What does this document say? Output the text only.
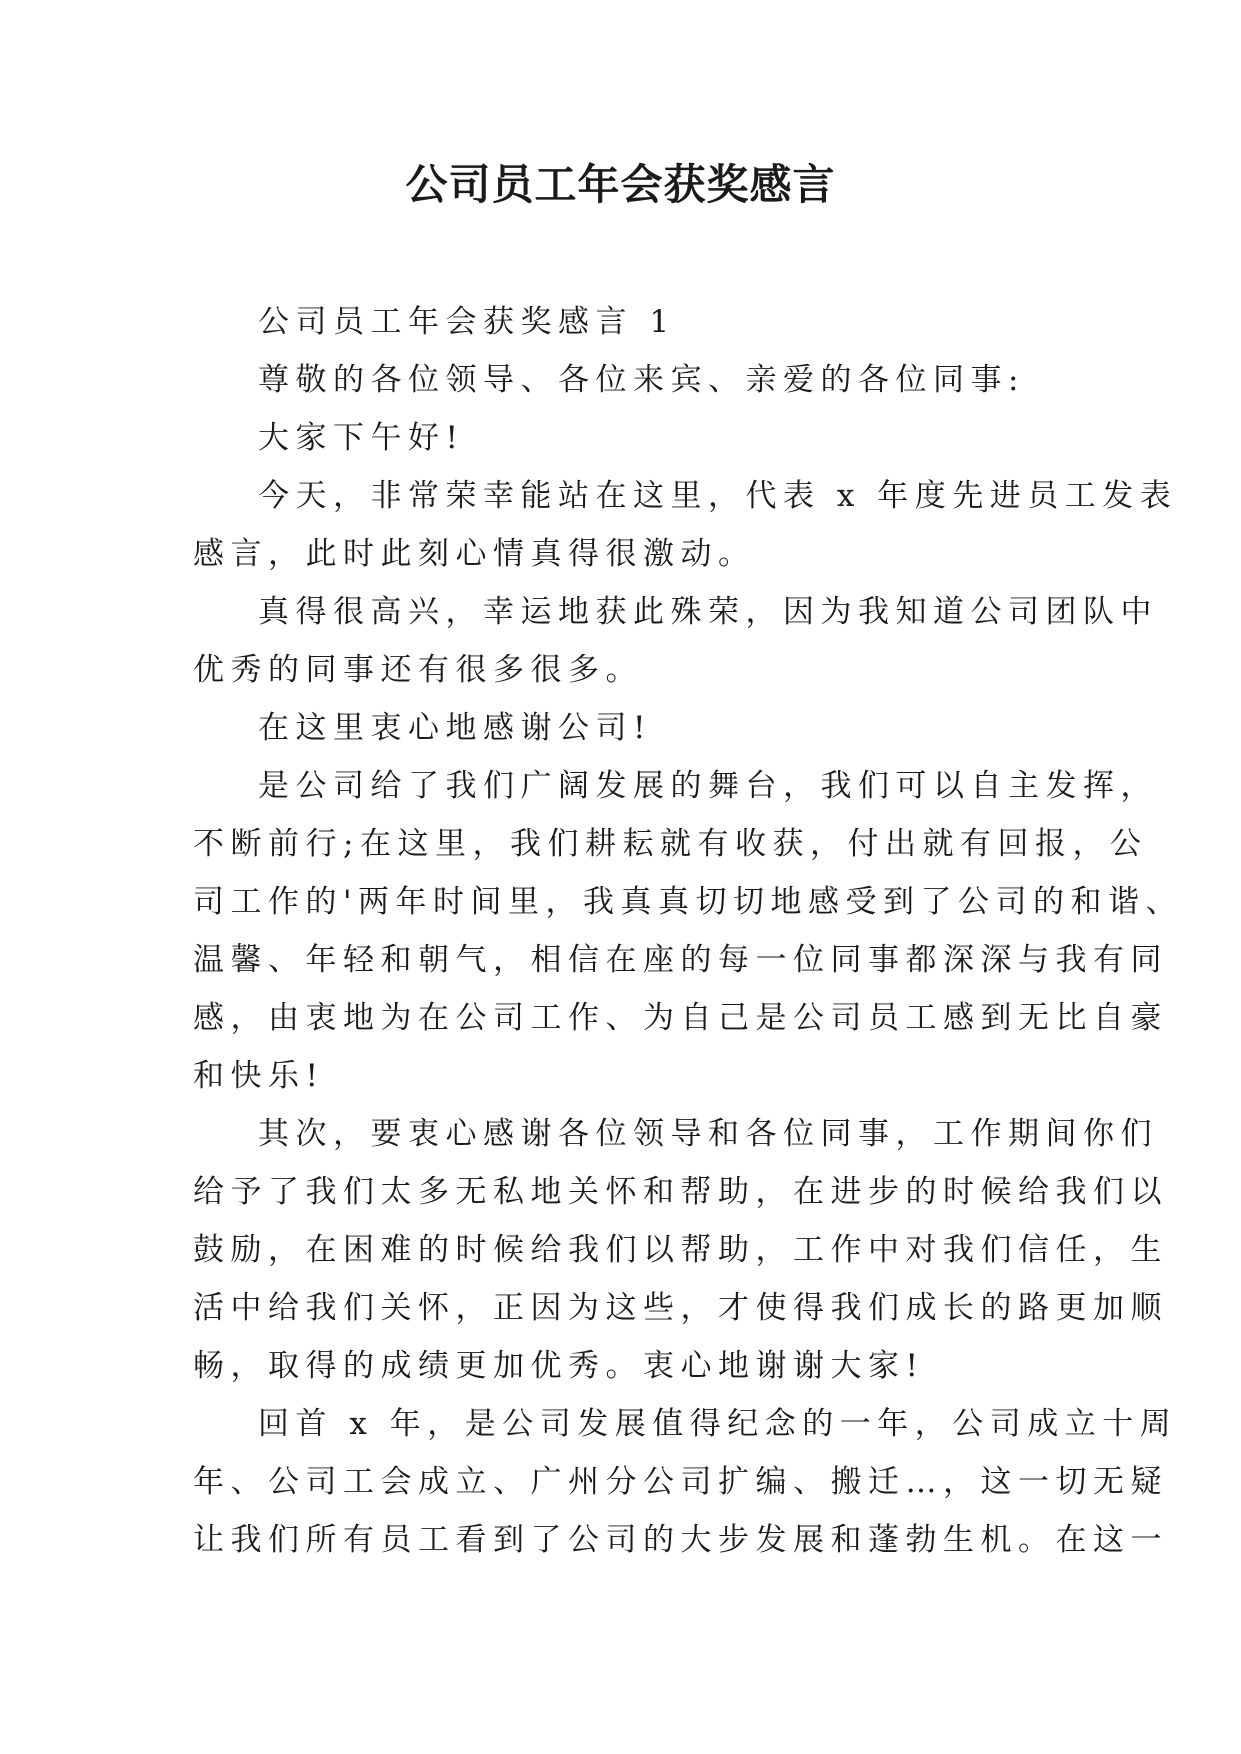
公司员工年会获奖感言

公司员工年会获奖感言 1

尊敬的各位领导、各位来宾、亲爱的各位同事:

大家下午好!

今天，非常荣幸能站在这里，代表 x 年度先进员工发表
感言，此时此刻心情真得很激动。

真得很高兴，幸运地获此殊荣，因为我知道公司团队中
优秀的同事还有很多很多。

在这里衷心地感谢公司!

是公司给了我们广阔发展的舞台，我们可以自主发挥，
不断前行;在这里，我们耕耘就有收获，付出就有回报，公
司工作的'两年时间里，我真真切切地感受到了公司的和谐、
温馨、年轻和朝气，相信在座的每一位同事都深深与我有同
感，由衷地为在公司工作、为自己是公司员工感到无比自豪
和快乐!

其次，要衷心感谢各位领导和各位同事，工作期间你们
给予了我们太多无私地关怀和帮助，在进步的时候给我们以
鼓励，在困难的时候给我们以帮助，工作中对我们信任，生
活中给我们关怀，正因为这些，才使得我们成长的路更加顺
畅，取得的成绩更加优秀。衷心地谢谢大家!

回首 x 年，是公司发展值得纪念的一年，公司成立十周
年、公司工会成立、广州分公司扩编、搬迁…，这一切无疑
让我们所有员工看到了公司的大步发展和蓬勃生机。在这一
